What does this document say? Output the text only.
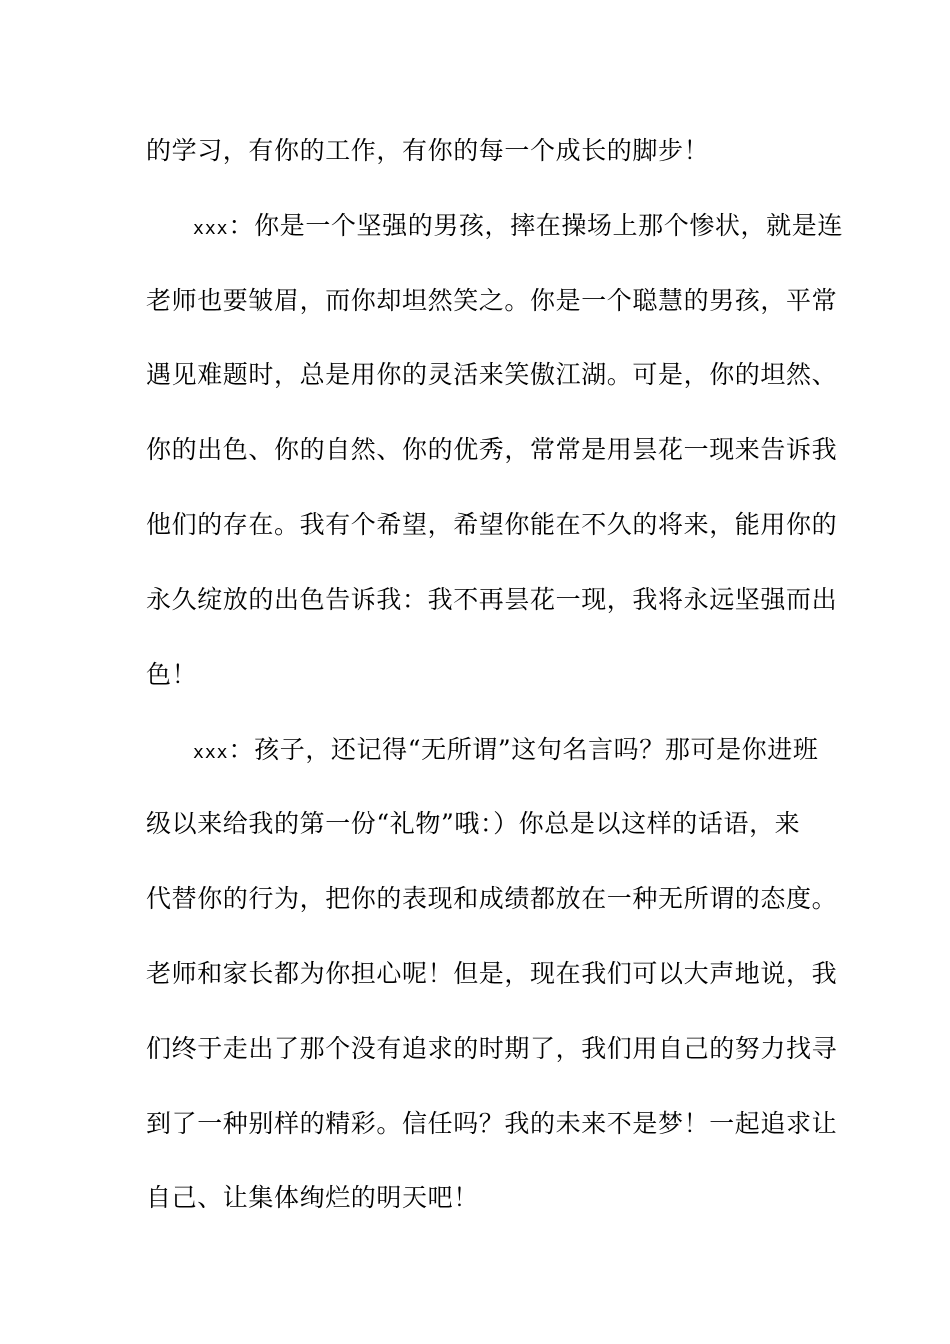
的学习，有你的工作，有你的每一个成长的脚步！
xxx：你是一个坚强的男孩，摔在操场上那个惨状，就是连
老师也要皱眉，而你却坦然笑之。你是一个聪慧的男孩，平常
遇见难题时，总是用你的灵活来笑傲江湖。可是，你的坦然、
你的出色、你的自然、你的优秀，常常是用昙花一现来告诉我
他们的存在。我有个希望，希望你能在不久的将来，能用你的
永久绽放的出色告诉我：我不再昙花一现，我将永远坚强而出
色！
xxx：孩子，还记得“无所谓”这句名言吗？那可是你进班
级以来给我的第一份“礼物”哦：）你总是以这样的话语，来
代替你的行为，把你的表现和成绩都放在一种无所谓的态度。
老师和家长都为你担心呢！但是，现在我们可以大声地说，我
们终于走出了那个没有追求的时期了，我们用自己的努力找寻
到了一种别样的精彩。信任吗？我的未来不是梦！一起追求让
自己、让集体绚烂的明天吧！
